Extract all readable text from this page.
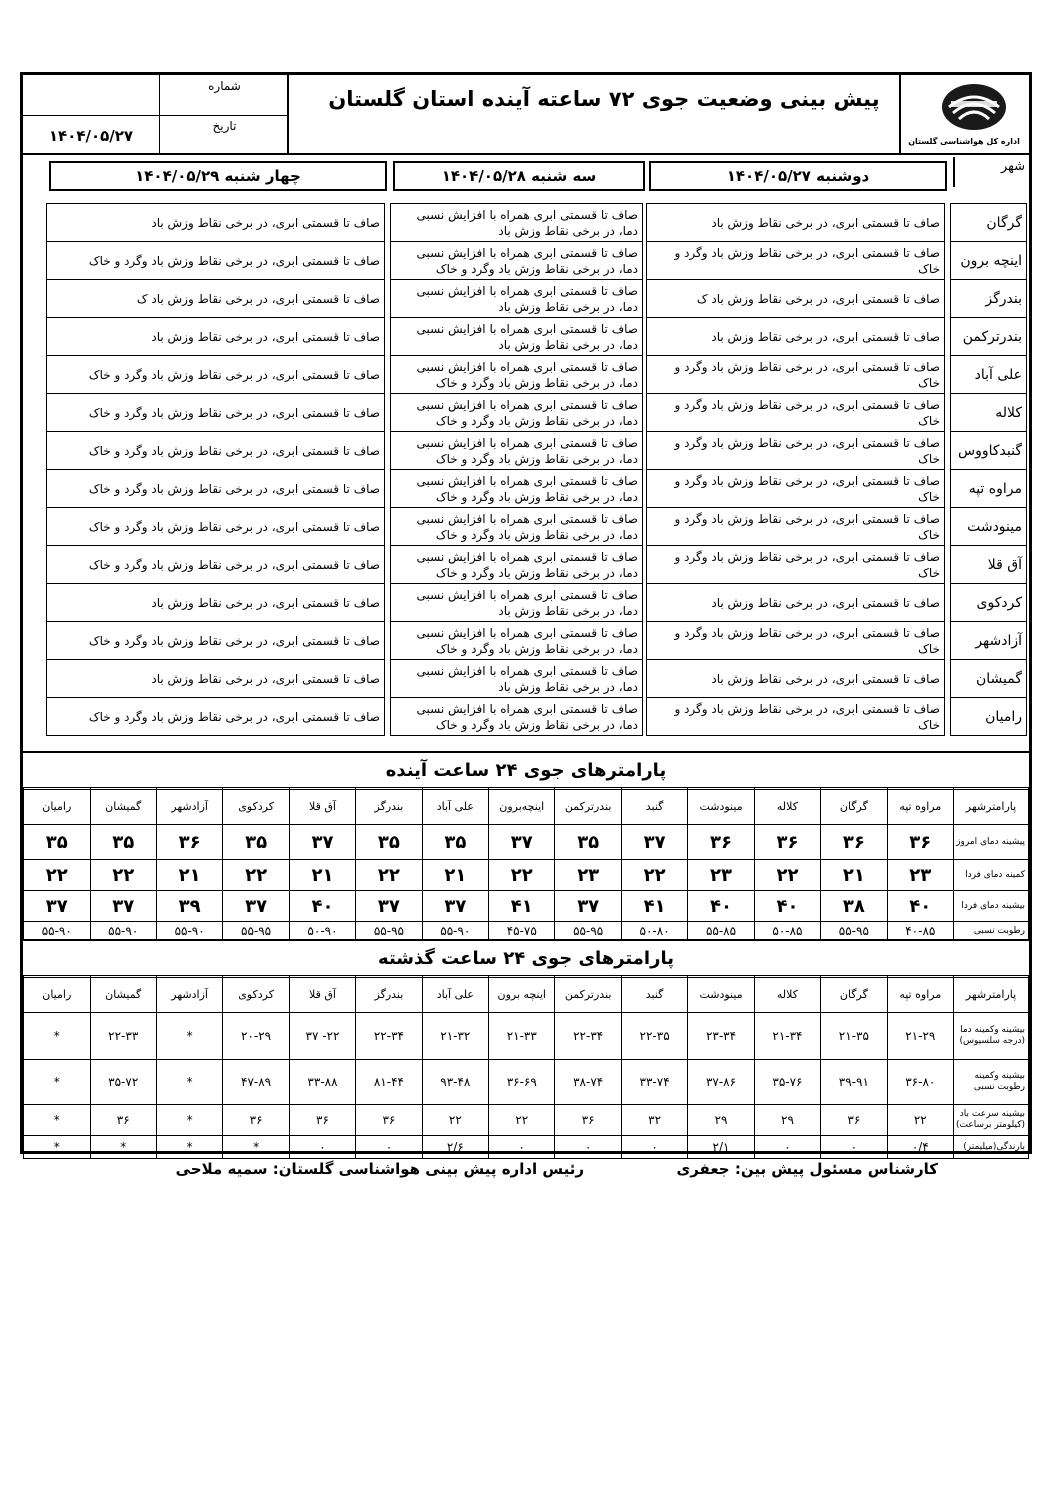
اداره کل هواشناسی گلستان
پیش بینی وضعیت جوی ۷۲ ساعته آینده استان گلستان
شماره
تاریخ
۱۴۰۴/۰۵/۲۷
شهر
دوشنبه ۱۴۰۴/۰۵/۲۷
سه شنبه ۱۴۰۴/۰۵/۲۸
چهار شنبه ۱۴۰۴/۰۵/۲۹
گرگان		صاف تا قسمتی ابری، در برخی نقاط وزش باد		صاف تا قسمتی ابری همراه با افزایش نسبی دما، در برخی نقاط وزش باد		صاف تا قسمتی ابری، در برخی نقاط وزش باد	
اینچه برون		صاف تا قسمتی ابری، در برخی نقاط وزش باد وگرد و خاک		صاف تا قسمتی ابری همراه با افزایش نسبی دما، در برخی نقاط وزش باد وگرد و خاک		صاف تا قسمتی ابری، در برخی نقاط وزش باد وگرد و خاک	
بندرگز		صاف تا قسمتی ابری، در برخی نقاط وزش باد ک		صاف تا قسمتی ابری همراه با افزایش نسبی دما، در برخی نقاط وزش باد		صاف تا قسمتی ابری، در برخی نقاط وزش باد ک	
بندرترکمن		صاف تا قسمتی ابری، در برخی نقاط وزش باد		صاف تا قسمتی ابری همراه با افزایش نسبی دما، در برخی نقاط وزش باد		صاف تا قسمتی ابری، در برخی نقاط وزش باد	
علی آباد		صاف تا قسمتی ابری، در برخی نقاط وزش باد وگرد و خاک		صاف تا قسمتی ابری همراه با افزایش نسبی دما، در برخی نقاط وزش باد وگرد و خاک		صاف تا قسمتی ابری، در برخی نقاط وزش باد وگرد و خاک	
کلاله		صاف تا قسمتی ابری، در برخی نقاط وزش باد وگرد و خاک		صاف تا قسمتی ابری همراه با افزایش نسبی دما، در برخی نقاط وزش باد وگرد و خاک		صاف تا قسمتی ابری، در برخی نقاط وزش باد وگرد و خاک	
گنبدکاووس		صاف تا قسمتی ابری، در برخی نقاط وزش باد وگرد و خاک		صاف تا قسمتی ابری همراه با افزایش نسبی دما، در برخی نقاط وزش باد وگرد و خاک		صاف تا قسمتی ابری، در برخی نقاط وزش باد وگرد و خاک	
مراوه تپه		صاف تا قسمتی ابری، در برخی نقاط وزش باد وگرد و خاک		صاف تا قسمتی ابری همراه با افزایش نسبی دما، در برخی نقاط وزش باد وگرد و خاک		صاف تا قسمتی ابری، در برخی نقاط وزش باد وگرد و خاک	
مینودشت		صاف تا قسمتی ابری، در برخی نقاط وزش باد وگرد و خاک		صاف تا قسمتی ابری همراه با افزایش نسبی دما، در برخی نقاط وزش باد وگرد و خاک		صاف تا قسمتی ابری، در برخی نقاط وزش باد وگرد و خاک	
آق قلا		صاف تا قسمتی ابری، در برخی نقاط وزش باد وگرد و خاک		صاف تا قسمتی ابری همراه با افزایش نسبی دما، در برخی نقاط وزش باد وگرد و خاک		صاف تا قسمتی ابری، در برخی نقاط وزش باد وگرد و خاک	
کردکوی		صاف تا قسمتی ابری، در برخی نقاط وزش باد		صاف تا قسمتی ابری همراه با افزایش نسبی دما، در برخی نقاط وزش باد		صاف تا قسمتی ابری، در برخی نقاط وزش باد	
آزادشهر		صاف تا قسمتی ابری، در برخی نقاط وزش باد وگرد و خاک		صاف تا قسمتی ابری همراه با افزایش نسبی دما، در برخی نقاط وزش باد وگرد و خاک		صاف تا قسمتی ابری، در برخی نقاط وزش باد وگرد و خاک	
گمیشان		صاف تا قسمتی ابری، در برخی نقاط وزش باد		صاف تا قسمتی ابری همراه با افزایش نسبی دما، در برخی نقاط وزش باد		صاف تا قسمتی ابری، در برخی نقاط وزش باد	
رامیان		صاف تا قسمتی ابری، در برخی نقاط وزش باد وگرد و خاک		صاف تا قسمتی ابری همراه با افزایش نسبی دما، در برخی نقاط وزش باد وگرد و خاک		صاف تا قسمتی ابری، در برخی نقاط وزش باد وگرد و خاک	
پارامترهای جوی ۲۴ ساعت آینده
پارامترشهر	مراوه تپه	گرگان	کلاله	مینودشت	گنبد	بندرترکمن	اینچه‌برون	علی آباد	بندرگز	آق قلا	کردکوی	آزادشهر	گمیشان	رامیان
پیشینه دمای امروز	۳۶	۳۶	۳۶	۳۶	۳۷	۳۵	۳۷	۳۵	۳۵	۳۷	۳۵	۳۶	۳۵	۳۵
کمینه دمای فردا	۲۳	۲۱	۲۲	۲۳	۲۲	۲۳	۲۲	۲۱	۲۲	۲۱	۲۲	۲۱	۲۲	۲۲
بیشینه دمای فردا	۴۰	۳۸	۴۰	۴۰	۴۱	۳۷	۴۱	۳۷	۳۷	۴۰	۳۷	۳۹	۳۷	۳۷
رطوبت نسبی	۴۰-۸۵	۵۵-۹۵	۵۰-۸۵	۵۵-۸۵	۵۰-۸۰	۵۵-۹۵	۴۵-۷۵	۵۵-۹۰	۵۵-۹۵	۵۰-۹۰	۵۵-۹۵	۵۵-۹۰	۵۵-۹۰	۵۵-۹۰
پارامترهای جوی ۲۴ ساعت گذشته
پارامترشهر	مراوه تپه	گرگان	کلاله	مینودشت	گنبد	بندرترکمن	اینچه برون	علی آباد	بندرگز	آق قلا	کردکوی	آزادشهر	گمیشان	رامیان
بیشینه وکمینه دما (درجه سلسیوس)	۲۱-۲۹	۲۱-۳۵	۲۱-۳۴	۲۳-۳۴	۲۲-۳۵	۲۲-۳۴	۲۱-۳۳	۲۱-۳۲	۲۲-۳۴	۲۲- ۳۷	۲۰-۲۹	*	۲۲-۳۳	*
بیشینه وکمینه رطوبت نسبی	۳۶-۸۰	۳۹-۹۱	۳۵-۷۶	۳۷-۸۶	۳۳-۷۴	۳۸-۷۴	۳۶-۶۹	۹۳-۴۸	۸۱-۴۴	۳۳-۸۸	۴۷-۸۹	*	۳۵-۷۲	*
بیشینه سرعت باد (کیلومتر برساعت)	۲۲	۳۶	۲۹	۲۹	۳۲	۳۶	۲۲	۲۲	۳۶	۳۶	۳۶	*	۳۶	*
بارندگی(میلیمتر)	۰/۴	۰	۰	۲/۱	۰	۰	۰	۲/۶	۰	۰	*	*	*	*
کارشناس مسئول پیش بین: جعفری
رئیس اداره پیش بینی هواشناسی گلستان: سمیه ملاحی
